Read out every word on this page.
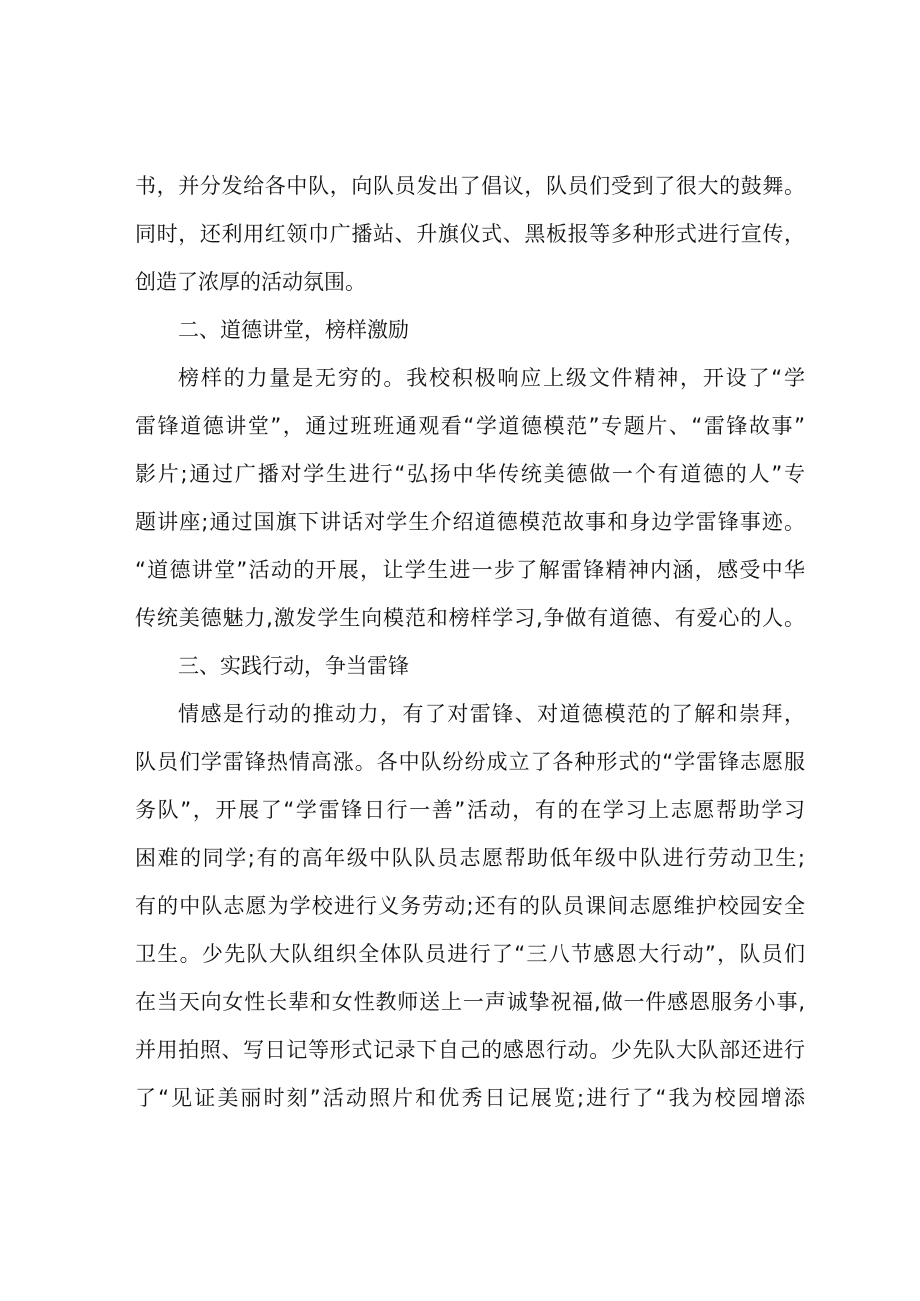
书，并分发给各中队，向队员发出了倡议，队员们受到了很大的鼓舞。
同时，还利用红领巾广播站、升旗仪式、黑板报等多种形式进行宣传，
创造了浓厚的活动氛围。
二、道德讲堂，榜样激励
榜样的力量是无穷的。我校积极响应上级文件精神，开设了“学
雷锋道德讲堂”，通过班班通观看“学道德模范”专题片、“雷锋故事”
影片;通过广播对学生进行“弘扬中华传统美德做一个有道德的人”专
题讲座;通过国旗下讲话对学生介绍道德模范故事和身边学雷锋事迹。
“道德讲堂”活动的开展，让学生进一步了解雷锋精神内涵，感受中华
传统美德魅力,激发学生向模范和榜样学习,争做有道德、有爱心的人。
三、实践行动，争当雷锋
情感是行动的推动力，有了对雷锋、对道德模范的了解和崇拜，
队员们学雷锋热情高涨。各中队纷纷成立了各种形式的“学雷锋志愿服
务队”，开展了“学雷锋日行一善”活动，有的在学习上志愿帮助学习
困难的同学;有的高年级中队队员志愿帮助低年级中队进行劳动卫生;
有的中队志愿为学校进行义务劳动;还有的队员课间志愿维护校园安全
卫生。少先队大队组织全体队员进行了“三八节感恩大行动”，队员们
在当天向女性长辈和女性教师送上一声诚挚祝福,做一件感恩服务小事,
并用拍照、写日记等形式记录下自己的感恩行动。少先队大队部还进行
了“见证美丽时刻”活动照片和优秀日记展览;进行了“我为校园增添
